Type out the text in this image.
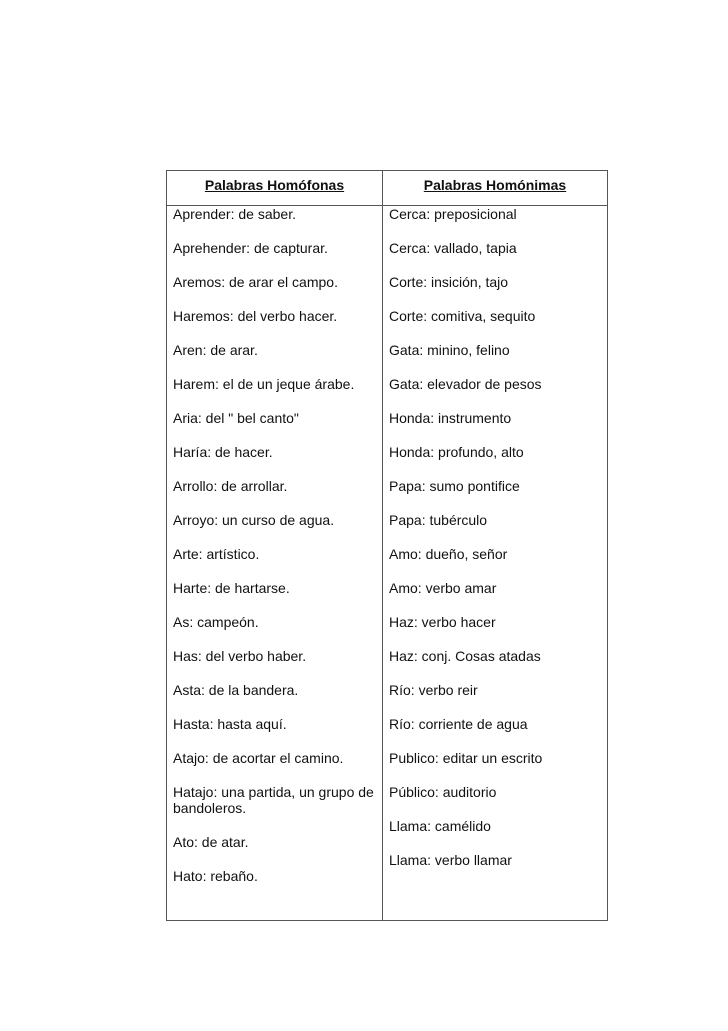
Palabras Homófonas	Palabras Homónimas
Aprender: de saber.
Aprehender: de capturar.
Aremos: de arar el campo.
Haremos: del verbo hacer.
Aren: de arar.
Harem: el de un jeque árabe.
Aria: del " bel canto"
Haría: de hacer.
Arrollo: de arrollar.
Arroyo: un curso de agua.
Arte: artístico.
Harte: de hartarse.
As: campeón.
Has: del verbo haber.
Asta: de la bandera.
Hasta: hasta aquí.
Atajo: de acortar el camino.
Hatajo: una partida, un grupo de bandoleros.
Ato: de atar.
Hato: rebaño.
Cerca: preposicional
Cerca: vallado, tapia
Corte: insición, tajo
Corte: comitiva, sequito
Gata: minino, felino
Gata: elevador de pesos
Honda: instrumento
Honda: profundo, alto
Papa: sumo pontifice
Papa: tubérculo
Amo: dueño, señor
Amo: verbo amar
Haz: verbo hacer
Haz: conj. Cosas atadas
Río: verbo reir
Río: corriente de agua
Publico: editar un escrito
Público: auditorio
Llama: camélido
Llama: verbo llamar
